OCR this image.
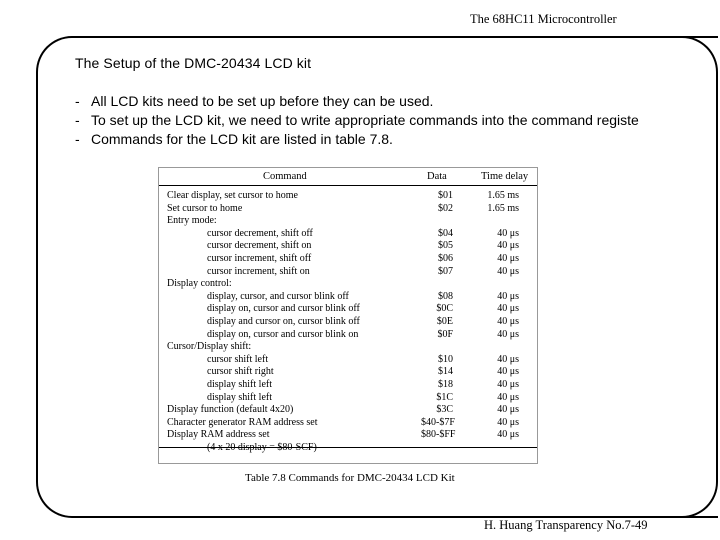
The 68HC11 Microcontroller
The Setup of the DMC-20434 LCD kit
- All LCD kits need to be set up before they can be used.
- To set up the LCD kit, we need to write appropriate commands into the command registe
- Commands for the LCD kit are listed in table 7.8.
Command	Data	Time delay
Clear display, set cursor to home	$01	1.65 ms
Set cursor to home	$02	1.65 ms
Entry mode:
cursor decrement, shift off	$04	40 μs
cursor decrement, shift on	$05	40 μs
cursor increment, shift off	$06	40 μs
cursor increment, shift on	$07	40 μs
Display control:
display, cursor, and cursor blink off	$08	40 μs
display on, cursor and cursor blink off	$0C	40 μs
display and cursor on, cursor blink off	$0E	40 μs
display on, cursor and cursor blink on	$0F	40 μs
Cursor/Display shift:
cursor shift left	$10	40 μs
cursor shift right	$14	40 μs
display shift left	$18	40 μs
display shift left	$1C	40 μs
Display function (default 4x20)	$3C	40 μs
Character generator RAM address set	$40-$7F	40 μs
Display RAM address set	$80-$FF	40 μs
(4 x 20 display = $80-SCF)
Table 7.8 Commands for DMC-20434 LCD Kit
H. Huang Transparency No.7-49
